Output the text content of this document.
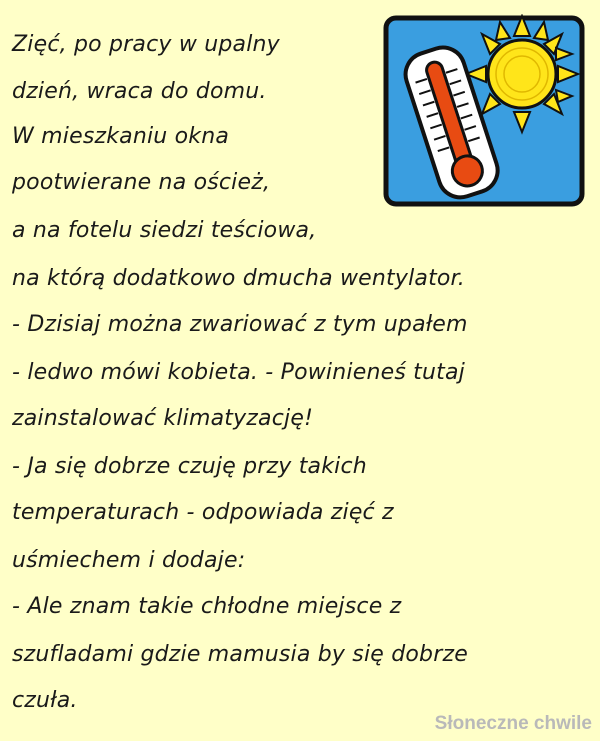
Zięć, po pracy w upalny
dzień, wraca do domu.
W mieszkaniu okna
pootwierane na oścież,
a na fotelu siedzi teściowa,
na którą dodatkowo dmucha wentylator.
- Dzisiaj można zwariować z tym upałem
- ledwo mówi kobieta. - Powinieneś tutaj
zainstalować klimatyzację!
- Ja się dobrze czuję przy takich
temperaturach - odpowiada zięć z
uśmiechem i dodaje:
- Ale znam takie chłodne miejsce z
szufladami gdzie mamusia by się dobrze
czuła.
Słoneczne chwile
